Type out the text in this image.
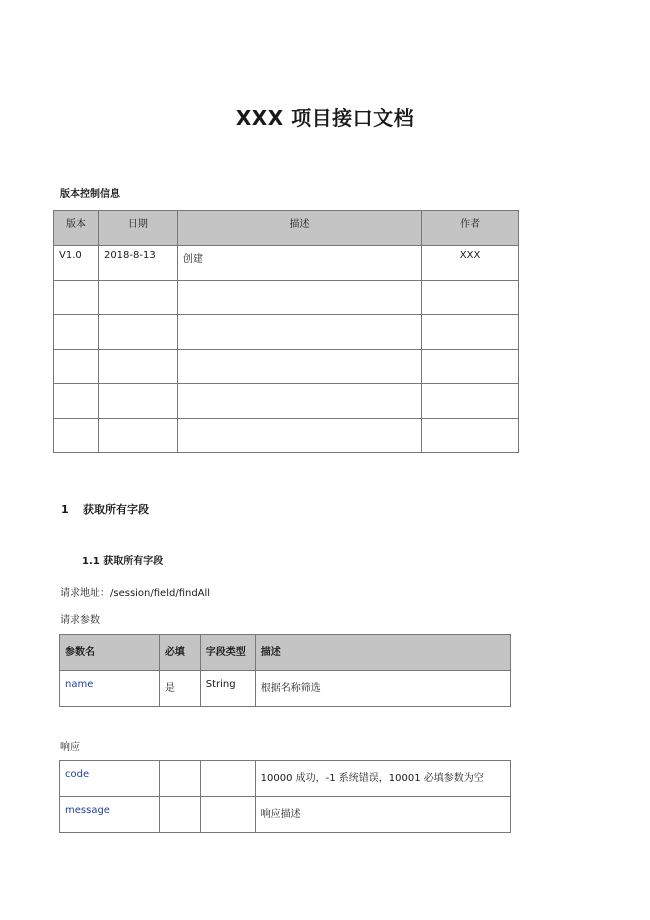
XXX 项目接口文档
版本控制信息
版本	日期	描述	作者
V1.0	2018-8-13	创建	XXX

1 获取所有字段
1.1 获取所有字段
请求地址：/session/field/findAll
请求参数
参数名	必填	字段类型	描述
name	是	String	根据名称筛选
响应
code			10000 成功，-1 系统错误，10001 必填参数为空
message			响应描述
